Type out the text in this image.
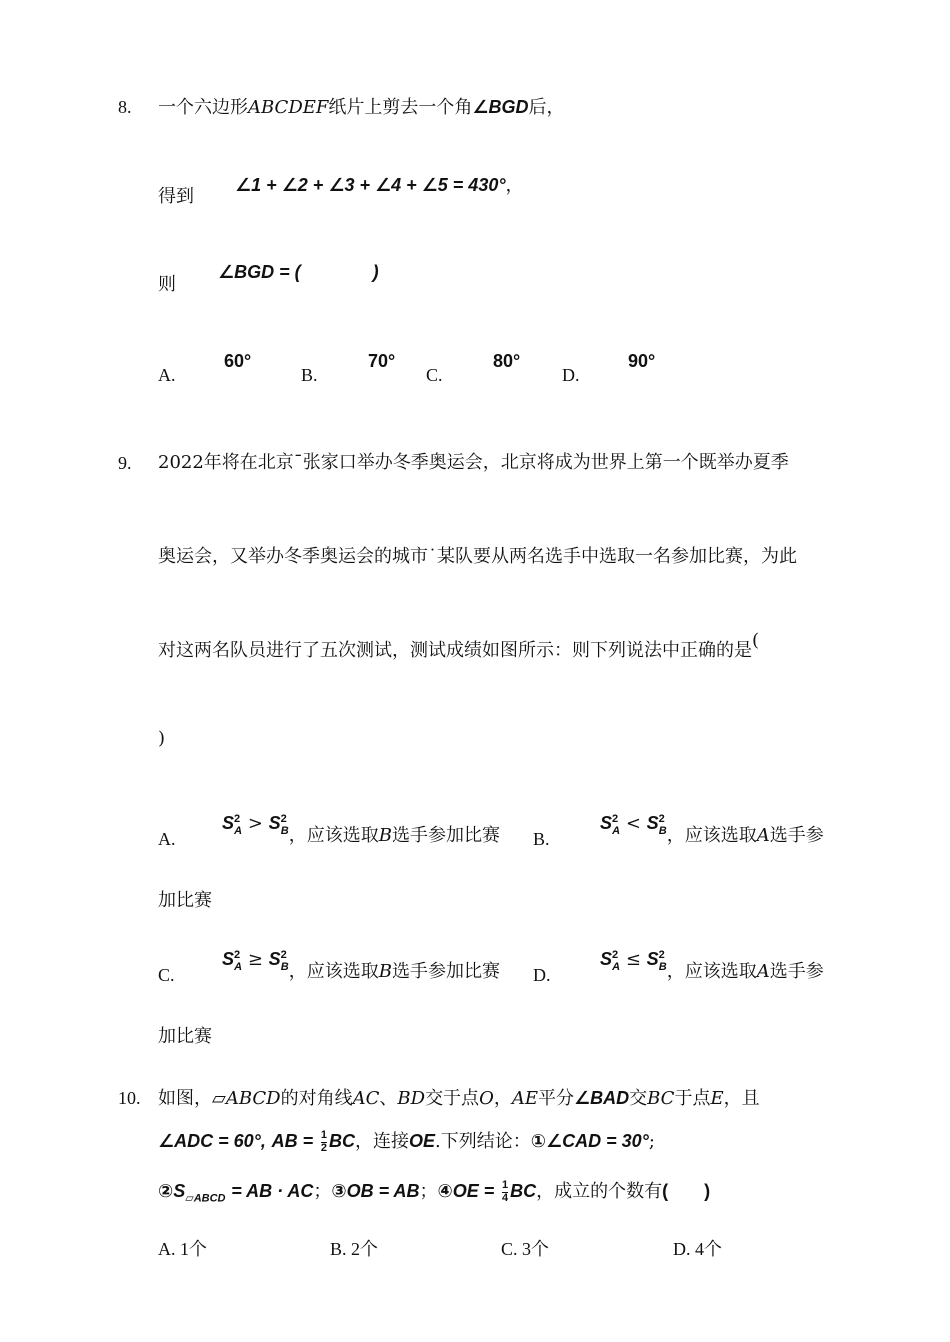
8. 一个六边形ABCDEF纸片上剪去一个角∠BGD后，
得到
∠1 + ∠2 + ∠3 + ∠4 + ∠5 = 430°，
则
∠BGD = (	)
A.
60°
B.
70°
C.
80°
D.
90°
9. 2022年将在北京¯张家口举办冬季奥运会，北京将成为世界上第一个既举办夏季
奥运会，又举办冬季奥运会的城市˙某队要从两名选手中选取一名参加比赛，为此
对这两名队员进行了五次测试，测试成绩如图所示：则下列说法中正确的是(
)
A.
$S^2_A > S^2_B$，应该选取B选手参加比赛 B.
$S^2_A < S^2_B$，应该选取A选手参
加比赛
C.
$S^2_A \ge S^2_B$，应该选取B选手参加比赛 D.
$S^2_A \le S^2_B$，应该选取A选手参
加比赛
10. 如图，▱ABCD的对角线AC、BD交于点O，AE平分∠BAD交BC于点E，且
∠ADC = 60°, AB = $\frac{1}{2}$ BC，连接OE.下列结论：①∠CAD = 30°;
$②S_{▱ABCD}$ = AB · AC；③OB = AB；④OE = $\frac{1}{4}$ BC，成立的个数有( )
A. 1个	B. 2个	C. 3个	D. 4个
